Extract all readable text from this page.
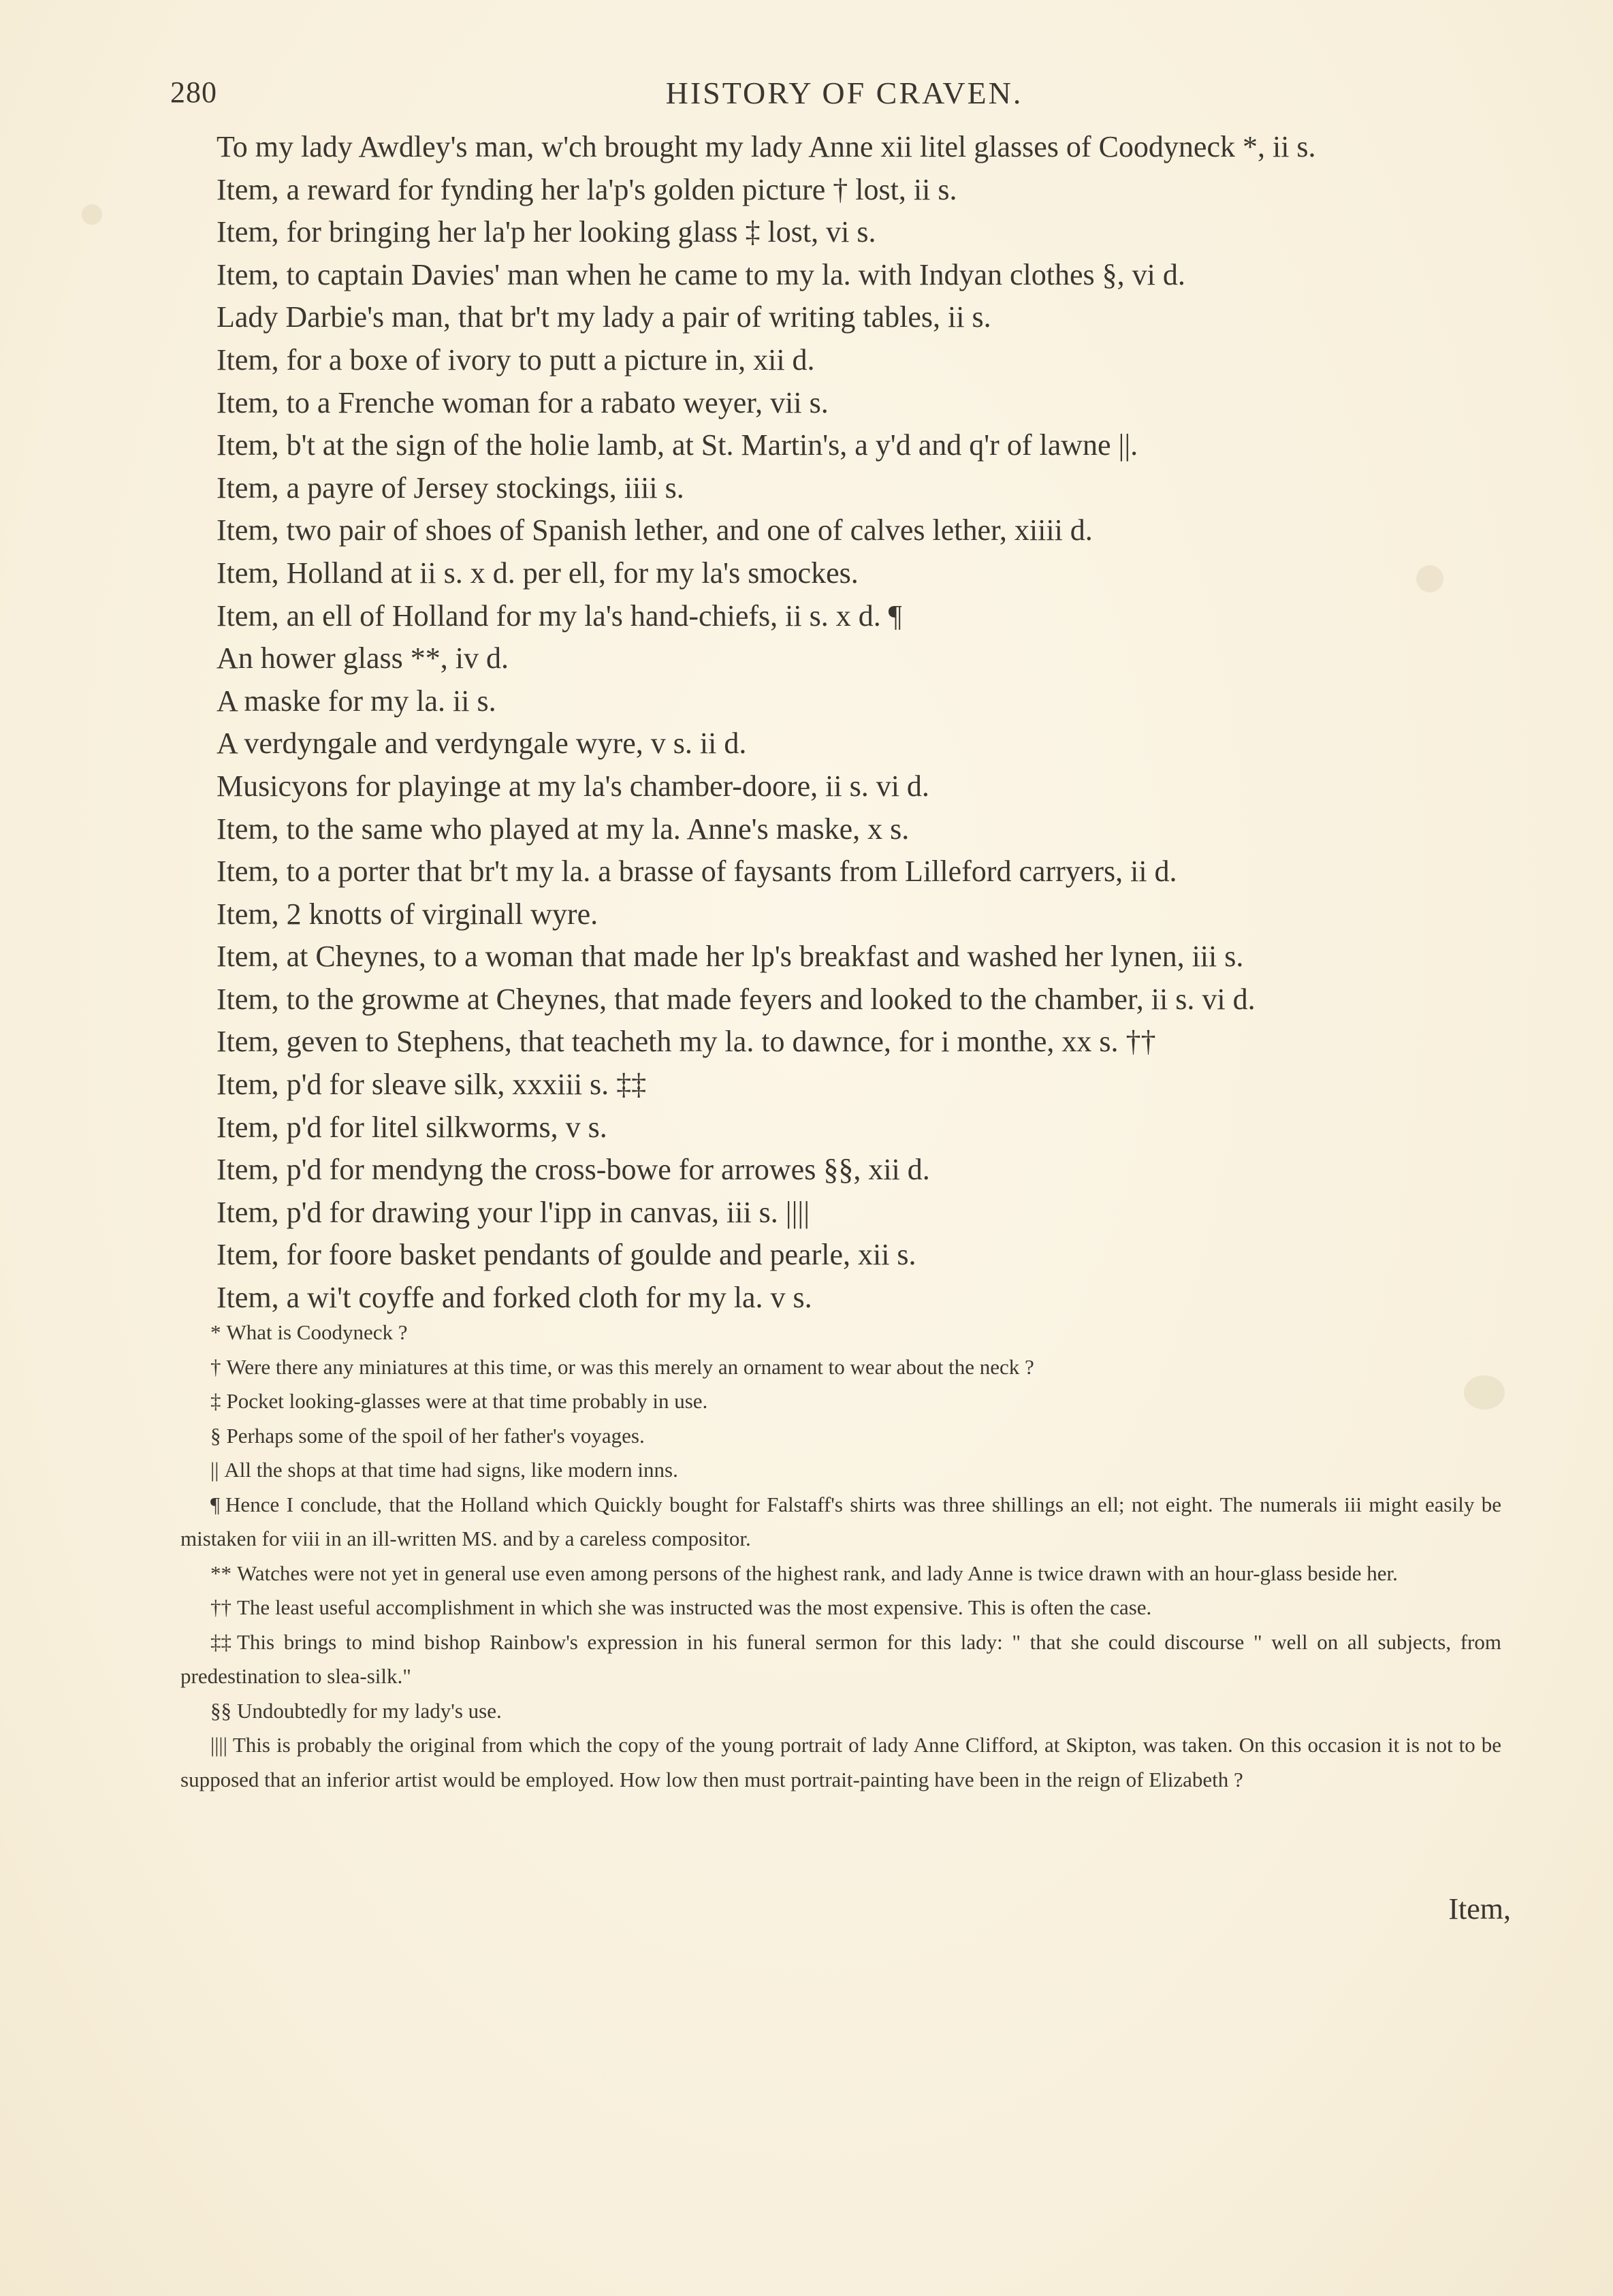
280	HISTORY OF CRAVEN.
To my lady Awdley's man, w'ch brought my lady Anne xii litel glasses of Coodyneck *, ii s.
Item, a reward for fynding her la'p's golden picture † lost, ii s.
Item, for bringing her la'p her looking glass ‡ lost, vi s.
Item, to captain Davies' man when he came to my la. with Indyan clothes §, vi d.
Lady Darbie's man, that br't my lady a pair of writing tables, ii s.
Item, for a boxe of ivory to putt a picture in, xii d.
Item, to a Frenche woman for a rabato weyer, vii s.
Item, b't at the sign of the holie lamb, at St. Martin's, a y'd and q'r of lawne ||.
Item, a payre of Jersey stockings, iiii s.
Item, two pair of shoes of Spanish lether, and one of calves lether, xiiii d.
Item, Holland at ii s. x d. per ell, for my la's smockes.
Item, an ell of Holland for my la's hand-chiefs, ii s. x d. ¶
An hower glass **, iv d.
A maske for my la. ii s.
A verdyngale and verdyngale wyre, v s. ii d.
Musicyons for playinge at my la's chamber-doore, ii s. vi d.
Item, to the same who played at my la. Anne's maske, x s.
Item, to a porter that br't my la. a brasse of faysants from Lilleford carryers, ii d.
Item, 2 knotts of virginall wyre.
Item, at Cheynes, to a woman that made her lp's breakfast and washed her lynen, iii s.
Item, to the growme at Cheynes, that made feyers and looked to the chamber, ii s. vi d.
Item, geven to Stephens, that teacheth my la. to dawnce, for i monthe, xx s. ††
Item, p'd for sleave silk, xxxiii s. ‡‡
Item, p'd for litel silkworms, v s.
Item, p'd for mendyng the cross-bowe for arrowes §§, xii d.
Item, p'd for drawing your l'ipp in canvas, iii s. ||||
Item, for foore basket pendants of goulde and pearle, xii s.
Item, a wi't coyffe and forked cloth for my la. v s.
* What is Coodyneck ?
† Were there any miniatures at this time, or was this merely an ornament to wear about the neck ?
‡ Pocket looking-glasses were at that time probably in use.
§ Perhaps some of the spoil of her father's voyages.
|| All the shops at that time had signs, like modern inns.
¶ Hence I conclude, that the Holland which Quickly bought for Falstaff's shirts was three shillings an ell; not eight. The numerals iii might easily be mistaken for viii in an ill-written MS. and by a careless compositor.
** Watches were not yet in general use even among persons of the highest rank, and lady Anne is twice drawn with an hour-glass beside her.
†† The least useful accomplishment in which she was instructed was the most expensive. This is often the case.
‡‡ This brings to mind bishop Rainbow's expression in his funeral sermon for this lady: " that she could discourse " well on all subjects, from predestination to slea-silk."
§§ Undoubtedly for my lady's use.
|||| This is probably the original from which the copy of the young portrait of lady Anne Clifford, at Skipton, was taken. On this occasion it is not to be supposed that an inferior artist would be employed. How low then must portrait-painting have been in the reign of Elizabeth ?
Item,
